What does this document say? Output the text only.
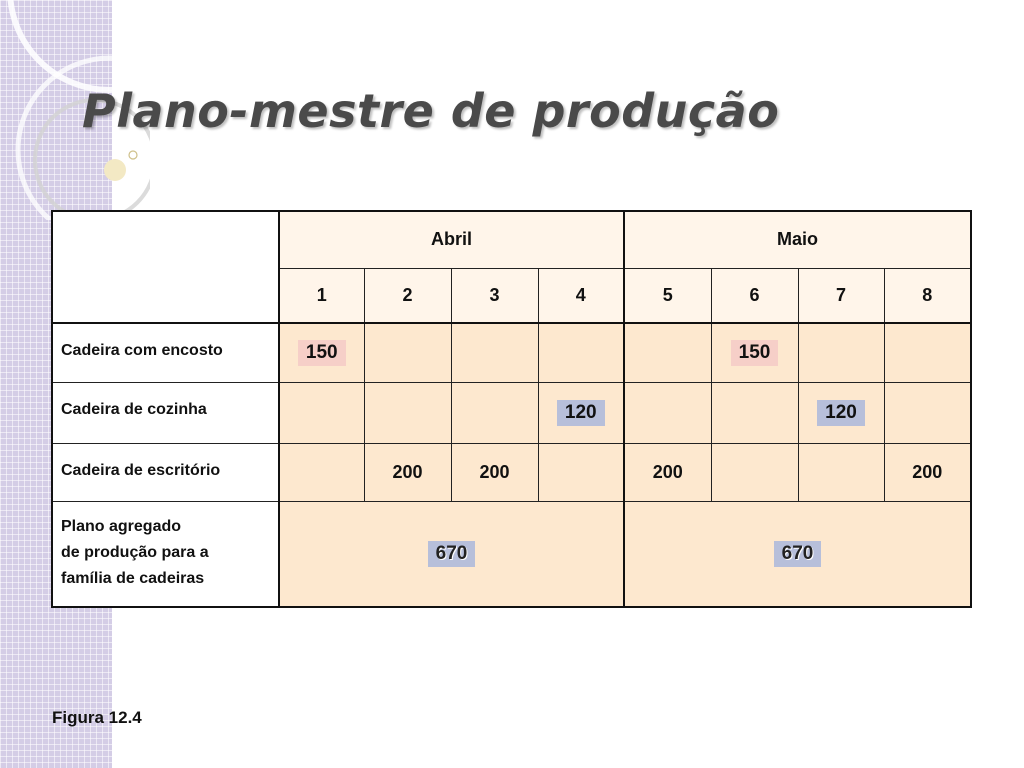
Plano-mestre de produção
	Abril				Maio			
	1	2	3	4	5	6	7	8
Cadeira com encosto	150					150		
Cadeira de cozinha				120			120	
Cadeira de escritório		200	200		200			200

Plano agregado
de produção para a
família de cadeiras	670				670			

Figura 12.4
